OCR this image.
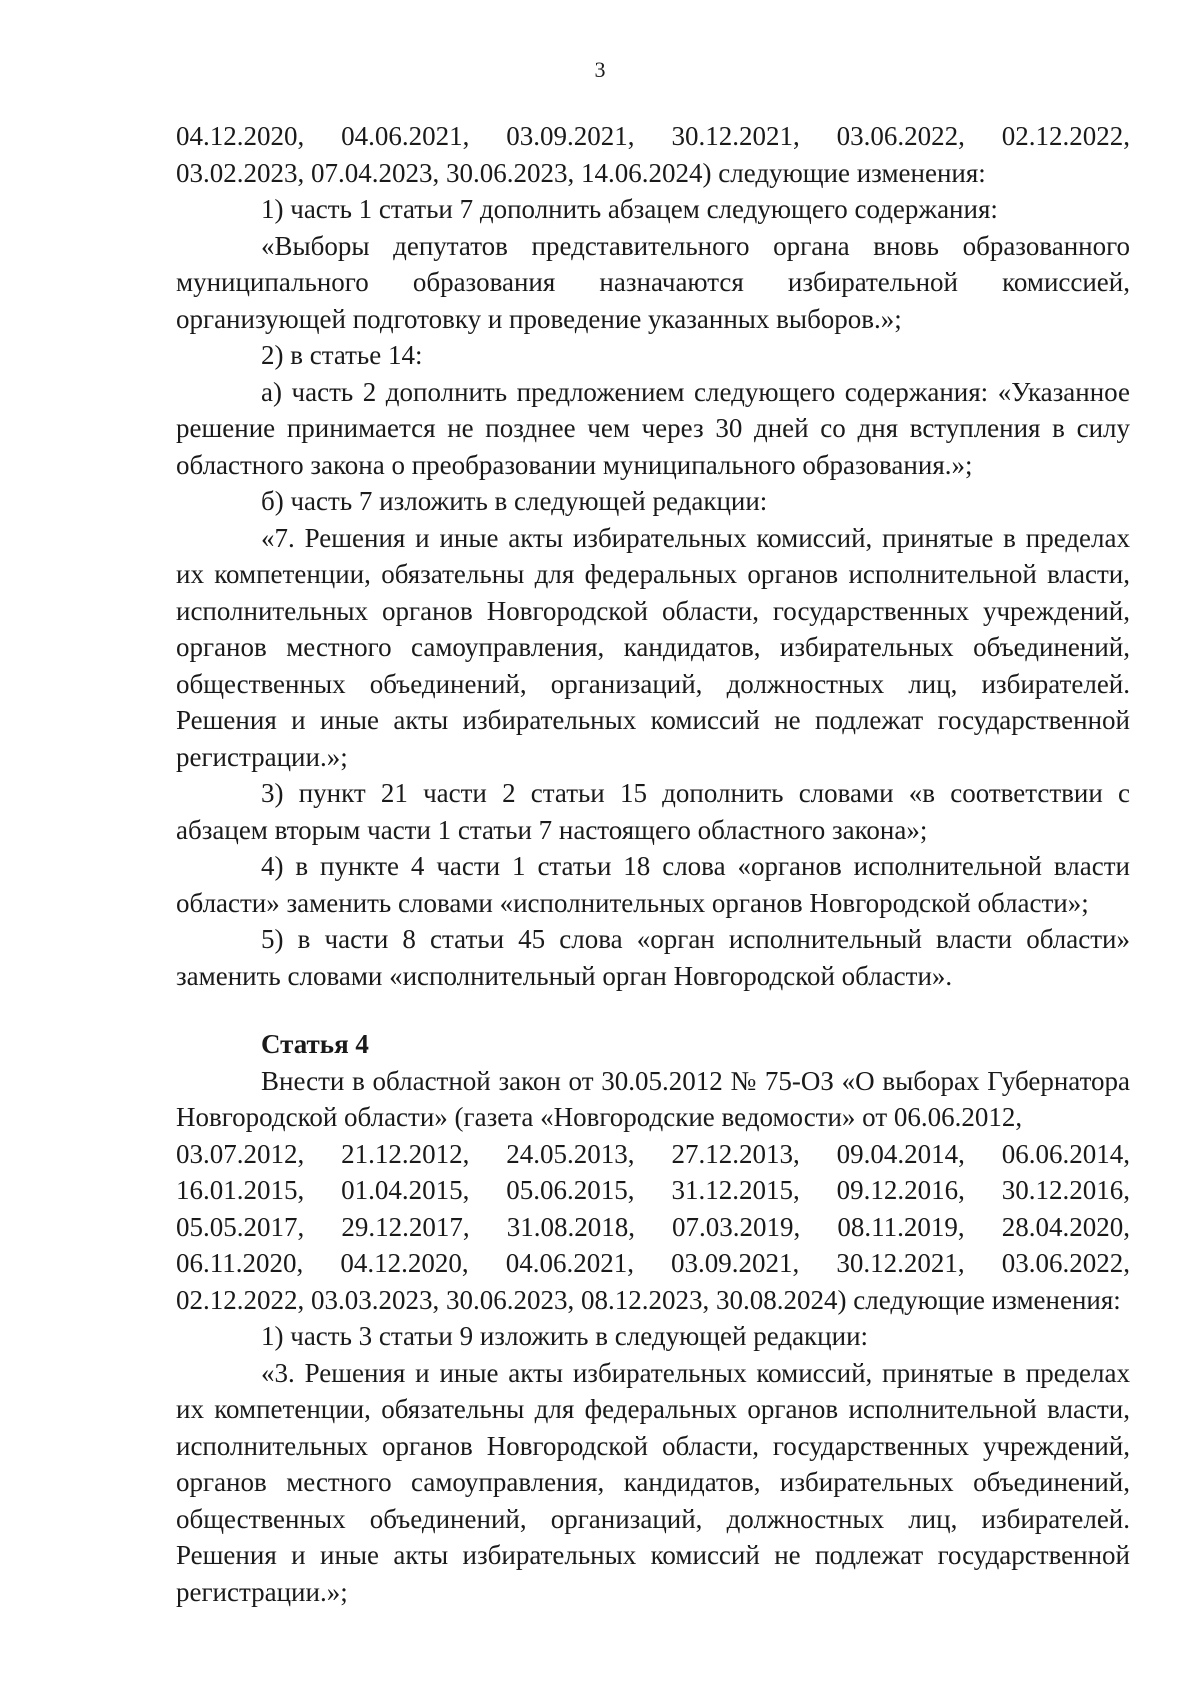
3

04.12.2020, 04.06.2021, 03.09.2021, 30.12.2021, 03.06.2022, 02.12.2022,

03.02.2023, 07.04.2023, 30.06.2023, 14.06.2024) следующие изменения:

1) часть 1 статьи 7 дополнить абзацем следующего содержания:

«Выборы депутатов представительного органа вновь образованного муниципального образования назначаются избирательной комиссией, организующей подготовку и проведение указанных выборов.»;

2) в статье 14:

а) часть 2 дополнить предложением следующего содержания: «Указанное решение принимается не позднее чем через 30 дней со дня вступления в силу областного закона о преобразовании муниципального образования.»;

б) часть 7 изложить в следующей редакции:

«7. Решения и иные акты избирательных комиссий, принятые в пределах их компетенции, обязательны для федеральных органов исполнительной власти, исполнительных органов Новгородской области, государственных учреждений, органов местного самоуправления, кандидатов, избирательных объединений, общественных объединений, организаций, должностных лиц, избирателей. Решения и иные акты избирательных комиссий не подлежат государственной регистрации.»;

3) пункт 21 части 2 статьи 15 дополнить словами «в соответствии с абзацем вторым части 1 статьи 7 настоящего областного закона»;

4) в пункте 4 части 1 статьи 18 слова «органов исполнительной власти области» заменить словами «исполнительных органов Новгородской области»;

5) в части 8 статьи 45 слова «орган исполнительный власти области» заменить словами «исполнительный орган Новгородской области».

Статья 4

Внести в областной закон от 30.05.2012 № 75-ОЗ «О выборах Губернатора Новгородской области» (газета «Новгородские ведомости» от 06.06.2012,

03.07.2012, 21.12.2012, 24.05.2013, 27.12.2013, 09.04.2014, 06.06.2014,

16.01.2015, 01.04.2015, 05.06.2015, 31.12.2015, 09.12.2016, 30.12.2016,

05.05.2017, 29.12.2017, 31.08.2018, 07.03.2019, 08.11.2019, 28.04.2020,

06.11.2020, 04.12.2020, 04.06.2021, 03.09.2021, 30.12.2021, 03.06.2022,

02.12.2022, 03.03.2023, 30.06.2023, 08.12.2023, 30.08.2024) следующие изменения:

1) часть 3 статьи 9 изложить в следующей редакции:

«3. Решения и иные акты избирательных комиссий, принятые в пределах их компетенции, обязательны для федеральных органов исполнительной власти, исполнительных органов Новгородской области, государственных учреждений, органов местного самоуправления, кандидатов, избирательных объединений, общественных объединений, организаций, должностных лиц, избирателей. Решения и иные акты избирательных комиссий не подлежат государственной регистрации.»;
